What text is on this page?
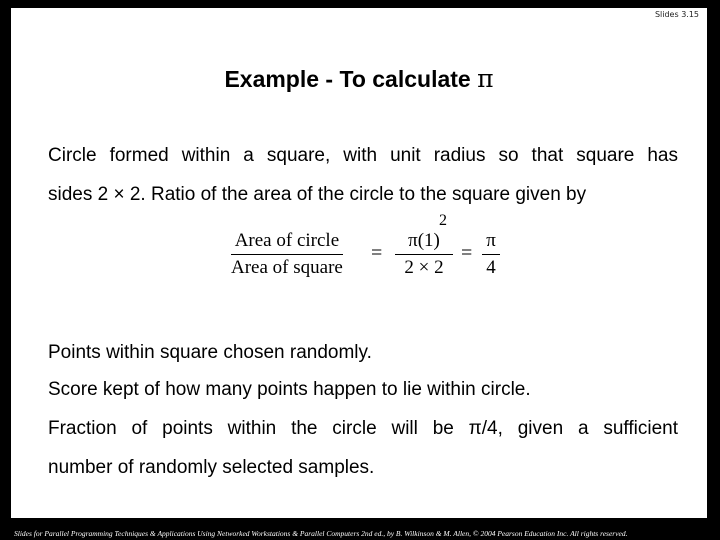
Slides 3.15
Example - To calculate π
Circle formed within a square, with unit radius so that square has
sides 2 × 2. Ratio of the area of the circle to the square given by
Area of circle
Area of square
= $\frac{\pi(1)}{2 \times 2}$
2
= $\frac{\pi}{4}$
Points within square chosen randomly.
Score kept of how many points happen to lie within circle.
Fraction of points within the circle will be π/4, given a sufficient
number of randomly selected samples.
Slides for Parallel Programming Techniques & Applications Using Networked Workstations & Parallel Computers 2nd ed., by B. Wilkinson & M. Allen, © 2004 Pearson Education Inc. All rights reserved.
